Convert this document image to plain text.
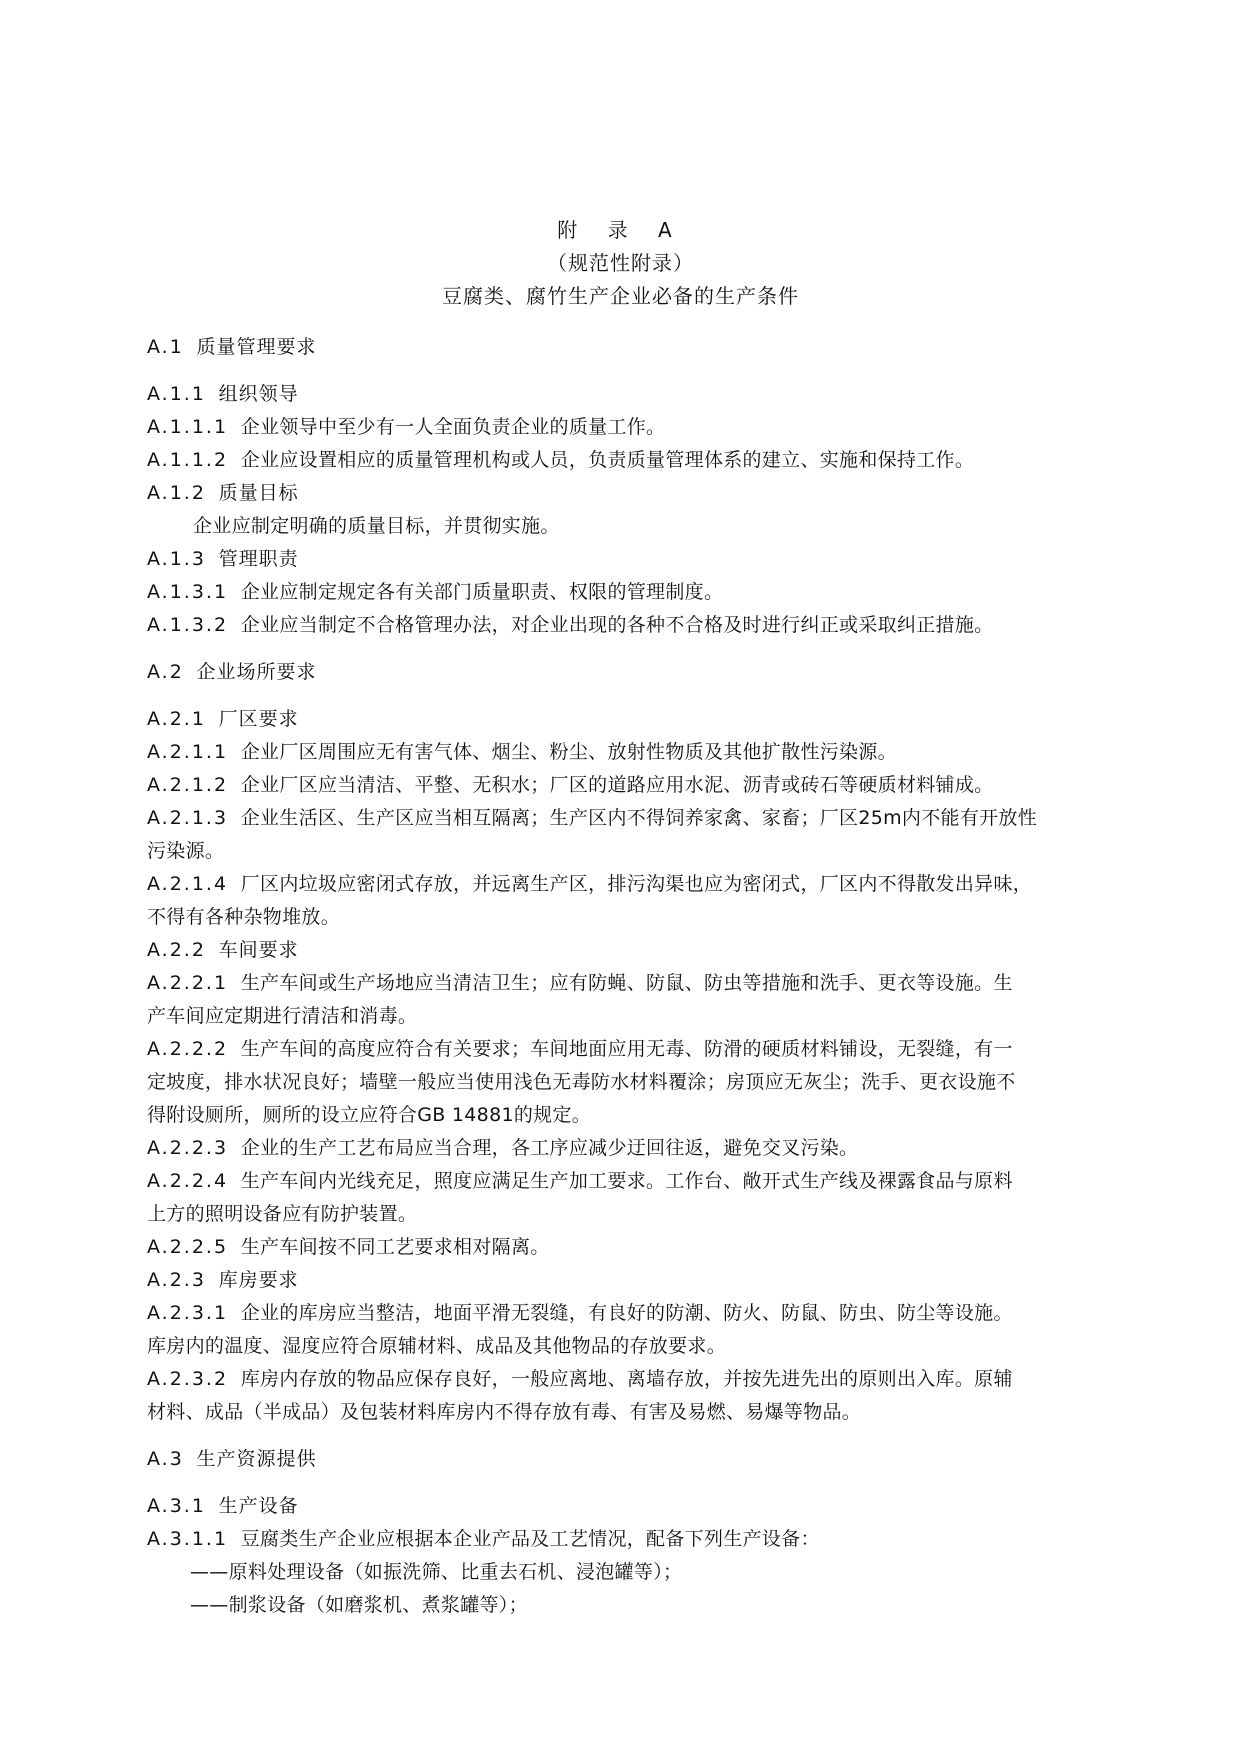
附 录 A
（规范性附录）
豆腐类、腐竹生产企业必备的生产条件
A.1 质量管理要求
A.1.1 组织领导
A.1.1.1 企业领导中至少有一人全面负责企业的质量工作。
A.1.1.2 企业应设置相应的质量管理机构或人员，负责质量管理体系的建立、实施和保持工作。
A.1.2 质量目标
企业应制定明确的质量目标，并贯彻实施。
A.1.3 管理职责
A.1.3.1 企业应制定规定各有关部门质量职责、权限的管理制度。
A.1.3.2 企业应当制定不合格管理办法，对企业出现的各种不合格及时进行纠正或采取纠正措施。
A.2 企业场所要求
A.2.1 厂区要求
A.2.1.1 企业厂区周围应无有害气体、烟尘、粉尘、放射性物质及其他扩散性污染源。
A.2.1.2 企业厂区应当清洁、平整、无积水；厂区的道路应用水泥、沥青或砖石等硬质材料铺成。
A.2.1.3 企业生活区、生产区应当相互隔离；生产区内不得饲养家禽、家畜；厂区25m内不能有开放性
污染源。
A.2.1.4 厂区内垃圾应密闭式存放，并远离生产区，排污沟渠也应为密闭式，厂区内不得散发出异味，
不得有各种杂物堆放。
A.2.2 车间要求
A.2.2.1 生产车间或生产场地应当清洁卫生；应有防蝇、防鼠、防虫等措施和洗手、更衣等设施。生
产车间应定期进行清洁和消毒。
A.2.2.2 生产车间的高度应符合有关要求；车间地面应用无毒、防滑的硬质材料铺设，无裂缝，有一
定坡度，排水状况良好；墙壁一般应当使用浅色无毒防水材料覆涂；房顶应无灰尘；洗手、更衣设施不
得附设厕所，厕所的设立应符合GB 14881的规定。
A.2.2.3 企业的生产工艺布局应当合理，各工序应减少迂回往返，避免交叉污染。
A.2.2.4 生产车间内光线充足，照度应满足生产加工要求。工作台、敞开式生产线及裸露食品与原料
上方的照明设备应有防护装置。
A.2.2.5 生产车间按不同工艺要求相对隔离。
A.2.3 库房要求
A.2.3.1 企业的库房应当整洁，地面平滑无裂缝，有良好的防潮、防火、防鼠、防虫、防尘等设施。
库房内的温度、湿度应符合原辅材料、成品及其他物品的存放要求。
A.2.3.2 库房内存放的物品应保存良好，一般应离地、离墙存放，并按先进先出的原则出入库。原辅
材料、成品（半成品）及包装材料库房内不得存放有毒、有害及易燃、易爆等物品。
A.3 生产资源提供
A.3.1 生产设备
A.3.1.1 豆腐类生产企业应根据本企业产品及工艺情况，配备下列生产设备：
——原料处理设备（如振洗筛、比重去石机、浸泡罐等）；
——制浆设备（如磨浆机、煮浆罐等）；
